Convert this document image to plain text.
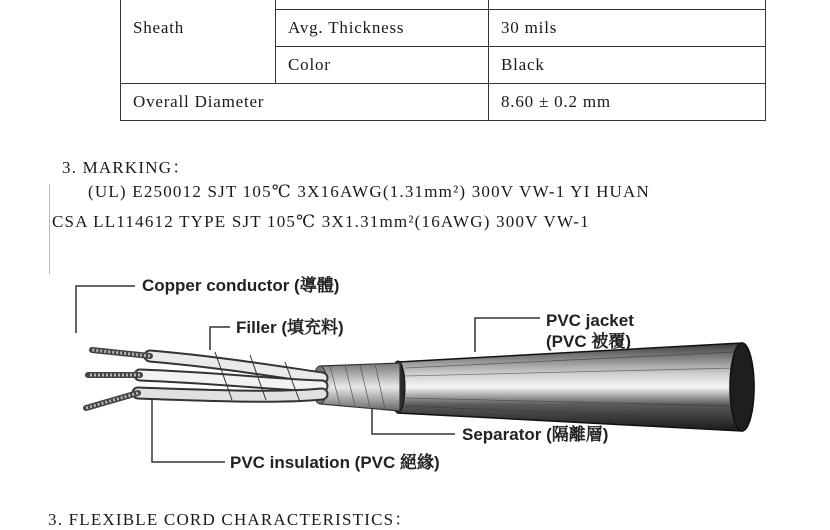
Sheath		
	Avg. Thickness	30 mils
	Color	Black
Overall Diameter		8.60 ± 0.2 mm
3. MARKING：
(UL) E250012 SJT 105℃ 3X16AWG(1.31mm²) 300V VW-1 YI HUAN
CSA LL114612 TYPE SJT 105℃ 3X1.31mm²(16AWG) 300V VW-1
Copper conductor (導體)
Filler (填充料)	PVC jacket
(PVC 被覆)
Separator (隔離層)
PVC insulation (PVC 絕緣)
3. FLEXIBLE CORD CHARACTERISTICS：
